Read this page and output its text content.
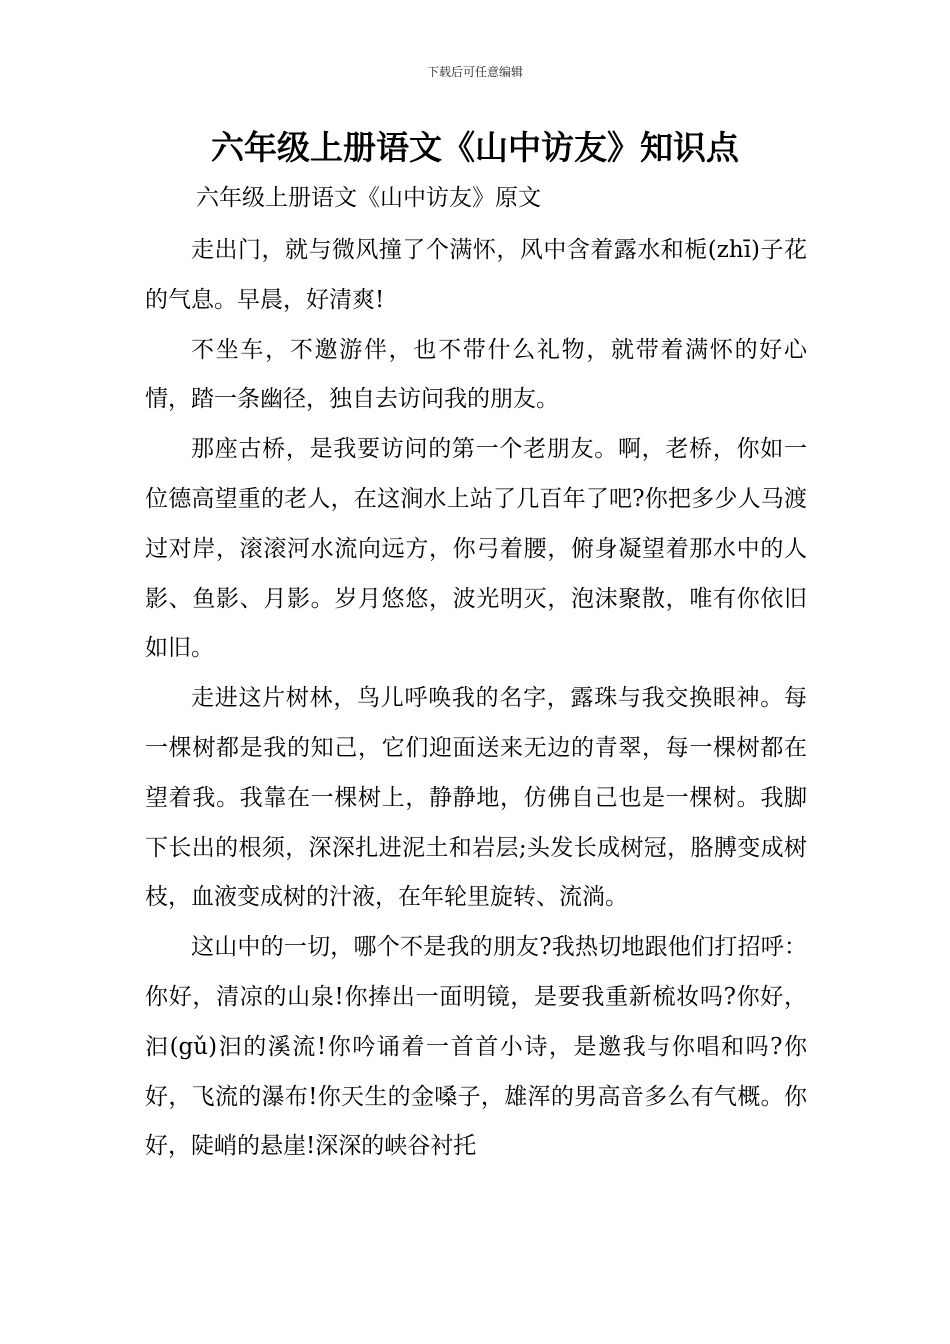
下载后可任意编辑
六年级上册语文《山中访友》知识点
六年级上册语文《山中访友》原文

走出门，就与微风撞了个满怀，风中含着露水和栀(zhī)子花的气息。早晨，好清爽!

不坐车，不邀游伴，也不带什么礼物，就带着满怀的好心情，踏一条幽径，独自去访问我的朋友。

那座古桥，是我要访问的第一个老朋友。啊，老桥，你如一位德高望重的老人，在这涧水上站了几百年了吧?你把多少人马渡过对岸，滚滚河水流向远方，你弓着腰，俯身凝望着那水中的人影、鱼影、月影。岁月悠悠，波光明灭，泡沫聚散，唯有你依旧如旧。

走进这片树林，鸟儿呼唤我的名字，露珠与我交换眼神。每一棵树都是我的知己，它们迎面送来无边的青翠，每一棵树都在望着我。我靠在一棵树上，静静地，仿佛自己也是一棵树。我脚下长出的根须，深深扎进泥土和岩层;头发长成树冠，胳膊变成树枝，血液变成树的汁液，在年轮里旋转、流淌。

这山中的一切，哪个不是我的朋友?我热切地跟他们打招呼：你好，清凉的山泉!你捧出一面明镜，是要我重新梳妆吗?你好，汩(gǔ)汩的溪流!你吟诵着一首首小诗，是邀我与你唱和吗?你好，飞流的瀑布!你天生的金嗓子，雄浑的男高音多么有气概。你好，陡峭的悬崖!深深的峡谷衬托
